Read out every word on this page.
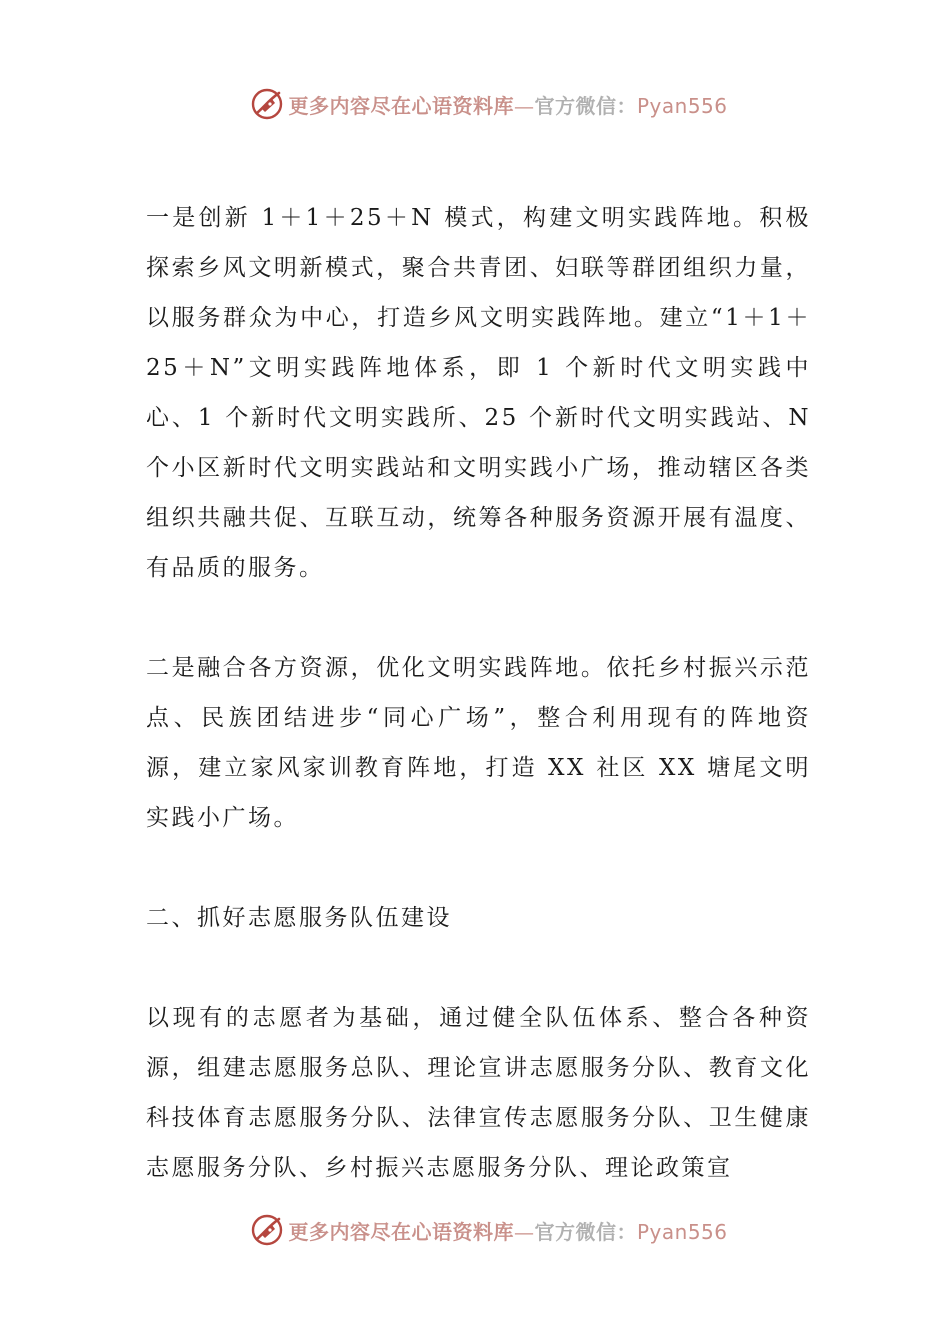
更多内容尽在心语资料库—官方微信：Pyan556

一是创新 1＋1＋25＋N 模式，构建文明实践阵地。积极探索乡风文明新模式，聚合共青团、妇联等群团组织力量，以服务群众为中心，打造乡风文明实践阵地。建立“1＋1＋25＋N”文明实践阵地体系，即 1 个新时代文明实践中心、1 个新时代文明实践所、25 个新时代文明实践站、N 个小区新时代文明实践站和文明实践小广场，推动辖区各类组织共融共促、互联互动，统筹各种服务资源开展有温度、有品质的服务。

二是融合各方资源，优化文明实践阵地。依托乡村振兴示范点、民族团结进步“同心广场”，整合利用现有的阵地资源，建立家风家训教育阵地，打造 XX 社区 XX 塘尾文明实践小广场。

二、抓好志愿服务队伍建设

以现有的志愿者为基础，通过健全队伍体系、整合各种资源，组建志愿服务总队、理论宣讲志愿服务分队、教育文化科技体育志愿服务分队、法律宣传志愿服务分队、卫生健康志愿服务分队、乡村振兴志愿服务分队、理论政策宣

更多内容尽在心语资料库—官方微信：Pyan556
